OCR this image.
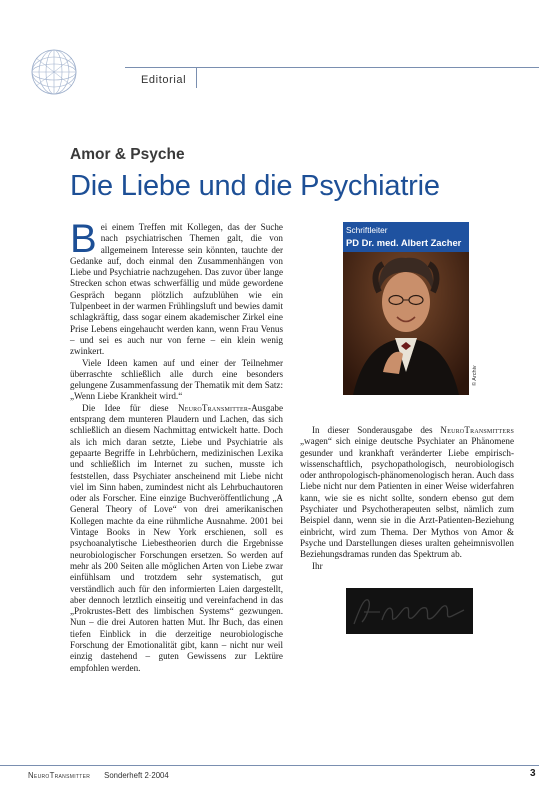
Editorial
Amor & Psyche
Die Liebe und die Psychiatrie

Bei einem Treffen mit Kollegen, das der Suche nach psychiatrischen Themen galt, die von allgemeinem Interesse sein könnten, tauchte der Gedanke auf, doch einmal den Zusammenhängen von Liebe und Psychiatrie nachzugehen. Das zuvor über lange Strecken schon etwas schwerfällig und müde gewordene Gespräch begann plötzlich aufzublühen wie ein Tulpenbeet in der warmen Frühlingsluft und bewies damit schlagkräftig, dass sogar einem akademischer Zirkel eine Prise Lebens eingehaucht werden kann, wenn Frau Venus – und sei es auch nur von ferne – ein klein wenig zwinkert.

Viele Ideen kamen auf und einer der Teilnehmer überraschte schließlich alle durch eine besonders gelungene Zusammenfassung der Thematik mit dem Satz: „Wenn Liebe Krankheit wird.“

Die Idee für diese NeuroTransmitter-Ausgabe entsprang dem munteren Plaudern und Lachen, das sich schließlich an diesem Nachmittag entwickelt hatte. Doch als ich mich daran setzte, Liebe und Psychiatrie als gepaarte Begriffe in Lehrbüchern, medizinischen Lexika und schließlich im Internet zu suchen, musste ich feststellen, dass Psychiater anscheinend mit Liebe nicht viel im Sinn haben, zumindest nicht als Lehrbuchautoren oder als Forscher. Eine einzige Buchveröffentlichung „A General Theory of Love“ von drei amerikanischen Kollegen machte da eine rühmliche Ausnahme. 2001 bei Vintage Books in New York erschienen, soll es psychoanalytische Liebestheorien durch die Ergebnisse neurobiologischer Forschungen ersetzen. So werden auf mehr als 200 Seiten alle möglichen Arten von Liebe zwar einfühlsam und trotzdem sehr systematisch, gut verständlich auch für den informierten Laien dargestellt, aber dennoch letztlich einseitig und vereinfachend in das „Prokrustes-Bett des limbischen Systems“ gezwungen. Nun – die drei Autoren hatten Mut. Ihr Buch, das einen tiefen Einblick in die derzeitige neurobiologische Forschung der Emotionalität gibt, kann – nicht nur weil einzig dastehend – guten Gewissens zur Lektüre empfohlen werden.

Schriftleiter
PD Dr. med. Albert Zacher
© Archiv

In dieser Sonderausgabe des NeuroTransmitters „wagen“ sich einige deutsche Psychiater an Phänomene gesunder und krankhaft veränderter Liebe empirisch-wissenschaftlich, psychopathologisch, neurobiologisch oder anthropologisch-phänomenologisch heran. Auch dass Liebe nicht nur dem Patienten in einer Weise widerfahren kann, wie sie es nicht sollte, sondern ebenso gut dem Psychiater und Psychotherapeuten selbst, nämlich zum Beispiel dann, wenn sie in die Arzt-Patienten-Beziehung einbricht, wird zum Thema. Der Mythos von Amor & Psyche und Darstellungen dieses uralten geheimnisvollen Beziehungsdramas runden das Spektrum ab.

Ihr

NeuroTransmitter Sonderheft 2·2004	3
